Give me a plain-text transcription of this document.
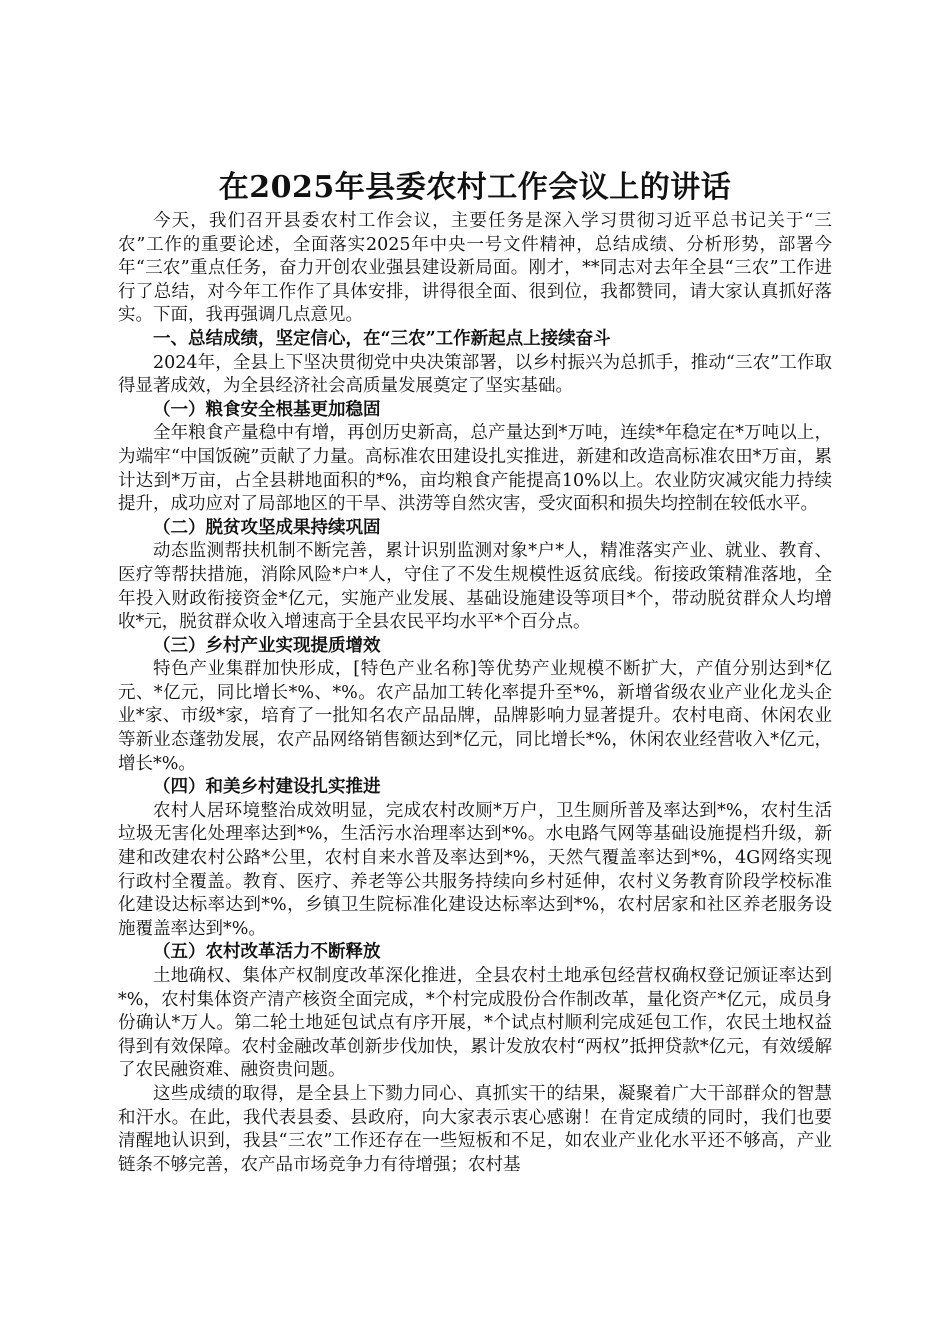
在2025年县委农村工作会议上的讲话

今天，我们召开县委农村工作会议，主要任务是深入学习贯彻习近平总书记关于“三农”工作的重要论述，全面落实2025年中央一号文件精神，总结成绩、分析形势，部署今年“三农”重点任务，奋力开创农业强县建设新局面。刚才，**同志对去年全县“三农”工作进行了总结，对今年工作作了具体安排，讲得很全面、很到位，我都赞同，请大家认真抓好落实。下面，我再强调几点意见。

一、总结成绩，坚定信心，在“三农”工作新起点上接续奋斗

2024年，全县上下坚决贯彻党中央决策部署，以乡村振兴为总抓手，推动“三农”工作取得显著成效，为全县经济社会高质量发展奠定了坚实基础。

（一）粮食安全根基更加稳固

全年粮食产量稳中有增，再创历史新高，总产量达到*万吨，连续*年稳定在*万吨以上，为端牢“中国饭碗”贡献了力量。高标准农田建设扎实推进，新建和改造高标准农田*万亩，累计达到*万亩，占全县耕地面积的*%，亩均粮食产能提高10%以上。农业防灾减灾能力持续提升，成功应对了局部地区的干旱、洪涝等自然灾害，受灾面积和损失均控制在较低水平。

（二）脱贫攻坚成果持续巩固

动态监测帮扶机制不断完善，累计识别监测对象*户*人，精准落实产业、就业、教育、医疗等帮扶措施，消除风险*户*人，守住了不发生规模性返贫底线。衔接政策精准落地，全年投入财政衔接资金*亿元，实施产业发展、基础设施建设等项目*个，带动脱贫群众人均增收*元，脱贫群众收入增速高于全县农民平均水平*个百分点。

（三）乡村产业实现提质增效

特色产业集群加快形成，[特色产业名称]等优势产业规模不断扩大，产值分别达到*亿元、*亿元，同比增长*%、*%。农产品加工转化率提升至*%，新增省级农业产业化龙头企业*家、市级*家，培育了一批知名农产品品牌，品牌影响力显著提升。农村电商、休闲农业等新业态蓬勃发展，农产品网络销售额达到*亿元，同比增长*%，休闲农业经营收入*亿元，增长*%。

（四）和美乡村建设扎实推进

农村人居环境整治成效明显，完成农村改厕*万户，卫生厕所普及率达到*%，农村生活垃圾无害化处理率达到*%，生活污水治理率达到*%。水电路气网等基础设施提档升级，新建和改建农村公路*公里，农村自来水普及率达到*%，天然气覆盖率达到*%，4G网络实现行政村全覆盖。教育、医疗、养老等公共服务持续向乡村延伸，农村义务教育阶段学校标准化建设达标率达到*%，乡镇卫生院标准化建设达标率达到*%，农村居家和社区养老服务设施覆盖率达到*%。

（五）农村改革活力不断释放

土地确权、集体产权制度改革深化推进，全县农村土地承包经营权确权登记颁证率达到*%，农村集体资产清产核资全面完成，*个村完成股份合作制改革，量化资产*亿元，成员身份确认*万人。第二轮土地延包试点有序开展，*个试点村顺利完成延包工作，农民土地权益得到有效保障。农村金融改革创新步伐加快，累计发放农村“两权”抵押贷款*亿元，有效缓解了农民融资难、融资贵问题。

这些成绩的取得，是全县上下勠力同心、真抓实干的结果，凝聚着广大干部群众的智慧和汗水。在此，我代表县委、县政府，向大家表示衷心感谢！在肯定成绩的同时，我们也要清醒地认识到，我县“三农”工作还存在一些短板和不足，如农业产业化水平还不够高，产业链条不够完善，农产品市场竞争力有待增强；农村基
